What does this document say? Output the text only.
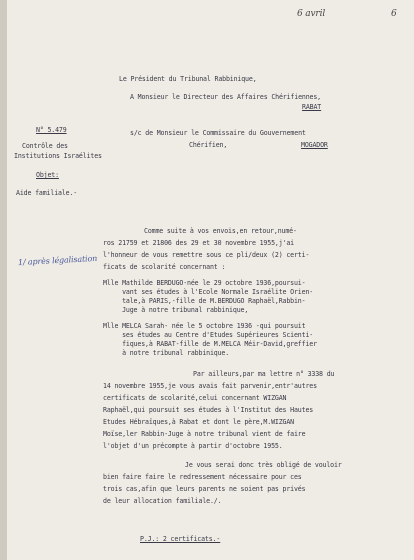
6 avril	6
Le Président du Tribunal Rabbinique,
A Monsieur le Directeur des Affaires Chérifiennes,
RABAT
s/c de Monsieur le Commissaire du Gouvernement
Chérifien,	MOGADOR
N° 5.479
Contrôle des
Institutions Israélites
Objet:
Aide familiale.-
1/ après légalisation
Comme suite à vos envois,en retour,numé-
ros 21759 et 21806 des 29 et 30 novembre 1955,j'ai
l'honneur de vous remettre sous ce pli/deux (2) certi-
ficats de scolarité concernant :
Mlle Mathilde BERDUGO-née le 29 octobre 1936,poursui-
vant ses études à l'Ecole Normale Israélite Orien-
tale,à PARIS,-fille de M.BERDUGO Raphaël,Rabbin-
Juge à notre tribunal rabbinique,
Mlle MELCA Sarah- née le 5 octobre 1936 -qui poursuit
ses études au Centre d'Etudes Supérieures Scienti-
fiques,à RABAT-fille de M.MELCA Méir-David,greffier
à notre tribunal rabbinique.
Par ailleurs,par ma lettre n° 3338 du
14 novembre 1955,je vous avais fait parvenir,entr'autres
certificats de scolarité,celui concernant WIZGAN
Raphaël,qui poursuit ses études à l'Institut des Hautes
Etudes Hébraïques,à Rabat et dont le père,M.WIZGAN
Moïse,ler Rabbin-Juge à notre tribunal vient de faire
l'objet d'un précompte à partir d'octobre 1955.
Je vous serai donc très obligé de vouloir
bien faire faire le redressement nécessaire pour ces
trois cas,afin que leurs parents ne soient pas privés
de leur allocation familiale./.
P.J.: 2 certificats.-
